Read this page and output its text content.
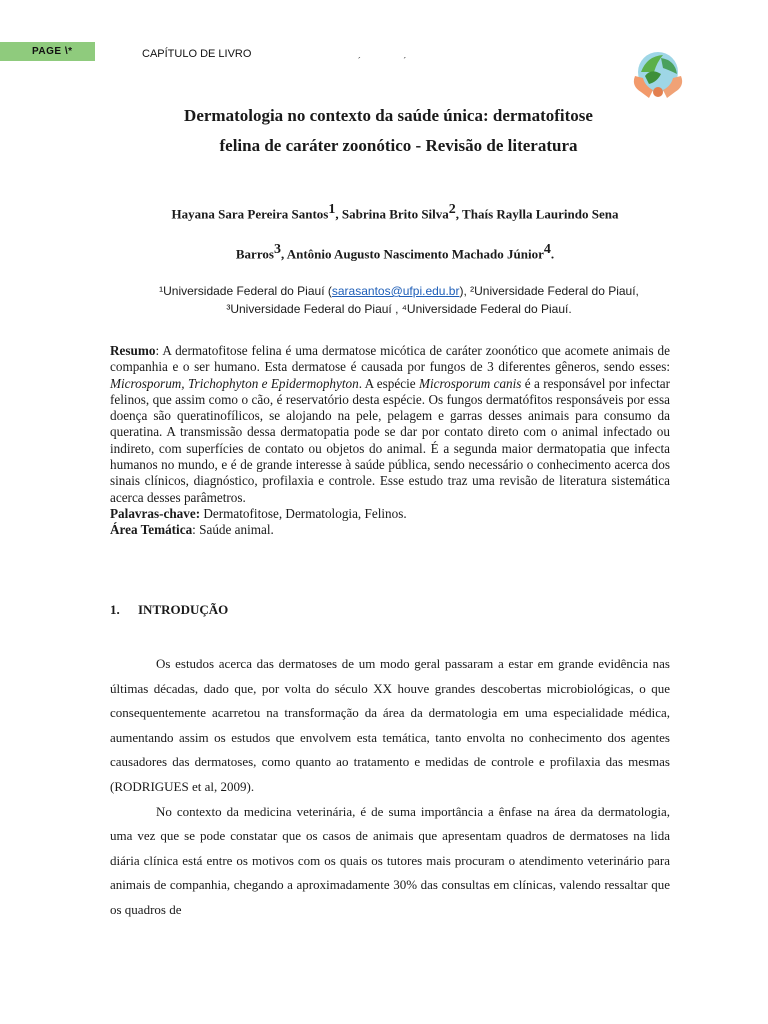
PAGE \*	CAPÍTULO DE LIVRO
´ ´
Dermatologia no contexto da saúde única: dermatofitose
felina de caráter zoonótico - Revisão de literatura
Hayana Sara Pereira Santos$^1$, Sabrina Brito Silva$^2$, Thaís Raylla Laurindo Sena
Barros$^3$, Antônio Augusto Nascimento Machado Júnior$^4$.
¹Universidade Federal do Piauí (sarasantos@ufpi.edu.br), ²Universidade Federal do Piauí,
³Universidade Federal do Piauí , ⁴Universidade Federal do Piauí.

Resumo: A dermatofitose felina é uma dermatose micótica de caráter zoonótico que acomete animais de companhia e o ser humano. Esta dermatose é causada por fungos de 3 diferentes gêneros, sendo esses: Microsporum, Trichophyton e Epidermophyton. A espécie Microsporum canis é a responsável por infectar felinos, que assim como o cão, é reservatório desta espécie. Os fungos dermatófitos responsáveis por essa doença são queratinofílicos, se alojando na pele, pelagem e garras desses animais para consumo da queratina. A transmissão dessa dermatopatia pode se dar por contato direto com o animal infectado ou indireto, com superfícies de contato ou objetos do animal. É a segunda maior dermatopatia que infecta humanos no mundo, e é de grande interesse à saúde pública, sendo necessário o conhecimento acerca dos sinais clínicos, diagnóstico, profilaxia e controle. Esse estudo traz uma revisão de literatura sistemática acerca desses parâmetros.

Palavras-chave: Dermatofitose, Dermatologia, Felinos.

Área Temática: Saúde animal.

1. INTRODUÇÃO

Os estudos acerca das dermatoses de um modo geral passaram a estar em grande evidência nas últimas décadas, dado que, por volta do século XX houve grandes descobertas microbiológicas, o que consequentemente acarretou na transformação da área da dermatologia em uma especialidade médica, aumentando assim os estudos que envolvem esta temática, tanto envolta no conhecimento dos agentes causadores das dermatoses, como quanto ao tratamento e medidas de controle e profilaxia das mesmas (RODRIGUES et al, 2009).

No contexto da medicina veterinária, é de suma importância a ênfase na área da dermatologia, uma vez que se pode constatar que os casos de animais que apresentam quadros de dermatoses na lida diária clínica está entre os motivos com os quais os tutores mais procuram o atendimento veterinário para animais de companhia, chegando a aproximadamente 30% das consultas em clínicas, valendo ressaltar que os quadros de
